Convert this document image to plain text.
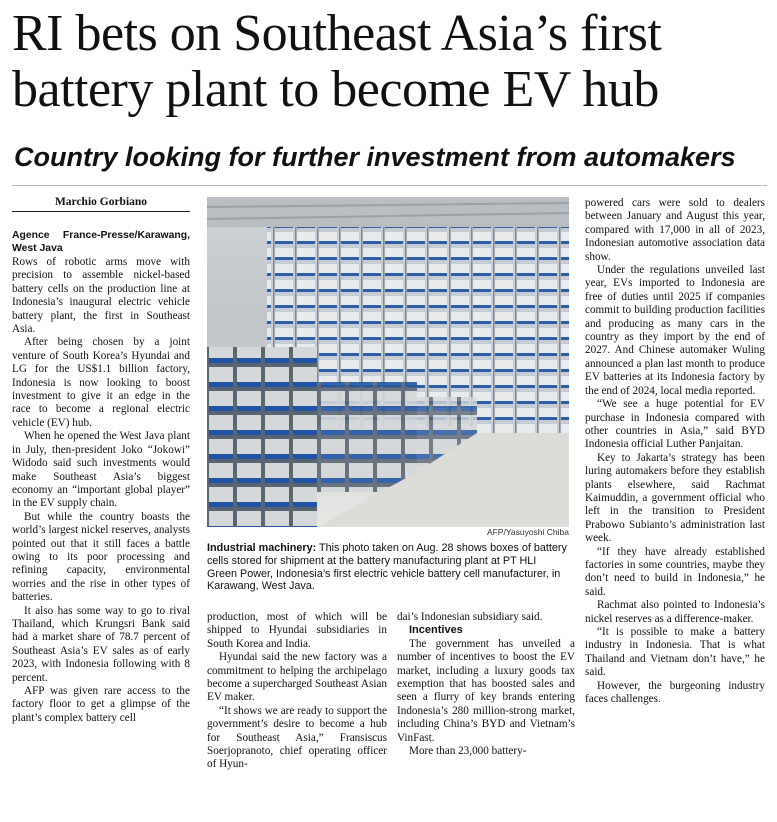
RI bets on Southeast Asia’s first battery plant to become EV hub
Country looking for further investment from automakers
Marchio Gorbiano
Agence France-Presse/Karawang, West Java

Rows of robotic arms move with precision to assemble nickel-based battery cells on the production line at Indonesia’s inaugural electric vehicle battery plant, the first in Southeast Asia.

After being chosen by a joint venture of South Korea’s Hyundai and LG for the US$1.1 billion factory, Indonesia is now looking to boost investment to give it an edge in the race to become a regional electric vehicle (EV) hub.

When he opened the West Java plant in July, then-president Joko “Jokowi” Widodo said such investments would make Southeast Asia’s biggest economy an “important global player” in the EV supply chain.

But while the country boasts the world’s largest nickel reserves, analysts pointed out that it still faces a battle owing to its poor processing and refining capacity, environmental worries and the rise in other types of batteries.

It also has some way to go to rival Thailand, which Krungsri Bank said had a market share of 78.7 percent of Southeast Asia’s EV sales as of early 2023, with Indonesia following with 8 percent.

AFP was given rare access to the factory floor to get a glimpse of the plant’s complex battery cell

AFP/Yasuyoshi Chiba

Industrial machinery: This photo taken on Aug. 28 shows boxes of battery cells stored for shipment at the battery manufacturing plant at PT HLI Green Power, Indonesia’s first electric vehicle battery cell manufacturer, in Karawang, West Java.

production, most of which will be shipped to Hyundai subsidiaries in South Korea and India.

Hyundai said the new factory was a commitment to helping the archipelago become a supercharged Southeast Asian EV maker.

“It shows we are ready to support the government’s desire to become a hub for Southeast Asia,” Fransiscus Soerjopranoto, chief operating officer of Hyun-

dai’s Indonesian subsidiary said.

Incentives

The government has unveiled a number of incentives to boost the EV market, including a luxury goods tax exemption that has boosted sales and seen a flurry of key brands entering Indonesia’s 280 million-strong market, including China’s BYD and Vietnam’s VinFast.

More than 23,000 battery-

powered cars were sold to dealers between January and August this year, compared with 17,000 in all of 2023, Indonesian automotive association data show.

Under the regulations unveiled last year, EVs imported to Indonesia are free of duties until 2025 if companies commit to building production facilities and producing as many cars in the country as they import by the end of 2027. And Chinese automaker Wuling announced a plan last month to produce EV batteries at its Indonesia factory by the end of 2024, local media reported.

“We see a huge potential for EV purchase in Indonesia compared with other countries in Asia,” said BYD Indonesia official Luther Panjaitan.

Key to Jakarta’s strategy has been luring automakers before they establish plants elsewhere, said Rachmat Kaimuddin, a government official who left in the transition to President Prabowo Subianto’s administration last week.

“If they have already established factories in some countries, maybe they don’t need to build in Indonesia,” he said.

Rachmat also pointed to Indonesia’s nickel reserves as a difference-maker.

“It is possible to make a battery industry in Indonesia. That is what Thailand and Vietnam don’t have,” he said.

However, the burgeoning industry faces challenges.
